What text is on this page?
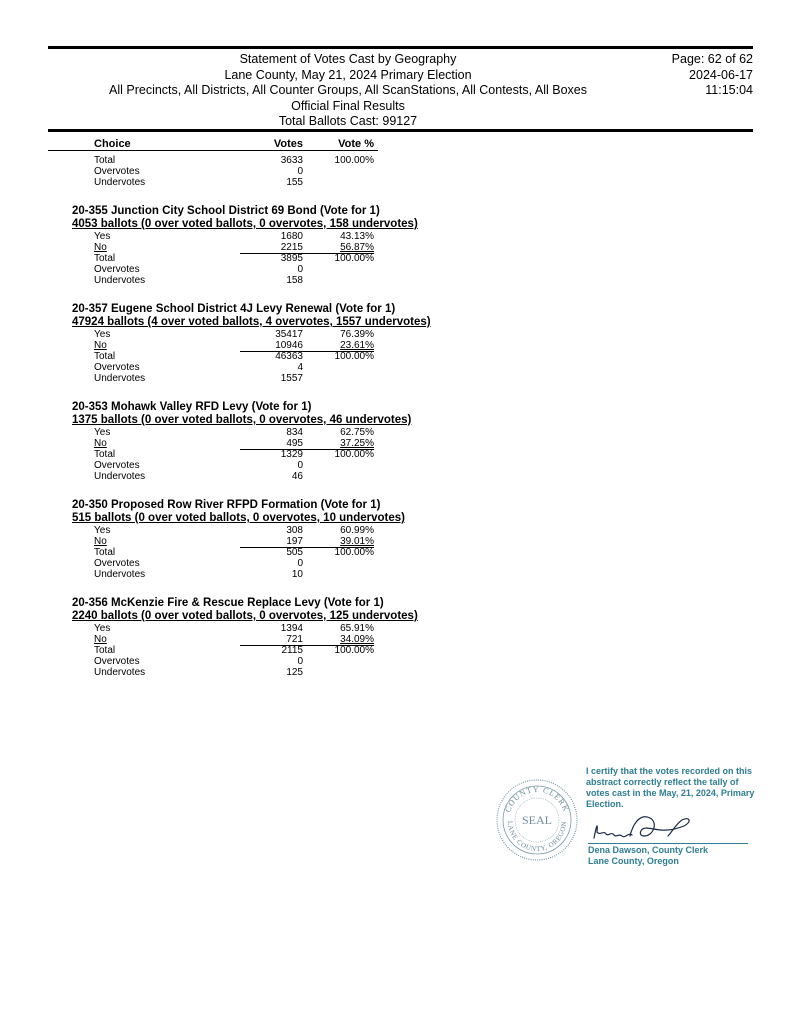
Statement of Votes Cast by Geography
Lane County, May 21, 2024 Primary Election
All Precincts, All Districts, All Counter Groups, All ScanStations, All Contests, All Boxes
Official Final Results
Total Ballots Cast: 99127
Page: 62 of 62
2024-06-17
11:15:04
Choice	Votes	Vote %
Total	3633	100.00%
Overvotes	0
Undervotes	155
20-355 Junction City School District 69 Bond (Vote for 1)
4053 ballots (0 over voted ballots, 0 overvotes, 158 undervotes)
Yes	1680	43.13%
No	2215	56.87%
Total	3895	100.00%
Overvotes	0
Undervotes	158
20-357 Eugene School District 4J Levy Renewal (Vote for 1)
47924 ballots (4 over voted ballots, 4 overvotes, 1557 undervotes)
Yes	35417	76.39%
No	10946	23.61%
Total	46363	100.00%
Overvotes	4
Undervotes	1557
20-353 Mohawk Valley RFD Levy (Vote for 1)
1375 ballots (0 over voted ballots, 0 overvotes, 46 undervotes)
Yes	834	62.75%
No	495	37.25%
Total	1329	100.00%
Overvotes	0
Undervotes	46
20-350 Proposed Row River RFPD Formation (Vote for 1)
515 ballots (0 over voted ballots, 0 overvotes, 10 undervotes)
Yes	308	60.99%
No	197	39.01%
Total	505	100.00%
Overvotes	0
Undervotes	10
20-356 McKenzie Fire & Rescue Replace Levy (Vote for 1)
2240 ballots (0 over voted ballots, 0 overvotes, 125 undervotes)
Yes	1394	65.91%
No	721	34.09%
Total	2115	100.00%
Overvotes	0
Undervotes	125
COUNTY CLERK
LANE COUNTY, OREGON
SEAL
I certify that the votes recorded on this abstract correctly reflect the tally of votes cast in the May, 21, 2024, Primary Election.
Dena Dawson, County Clerk
Lane County, Oregon
